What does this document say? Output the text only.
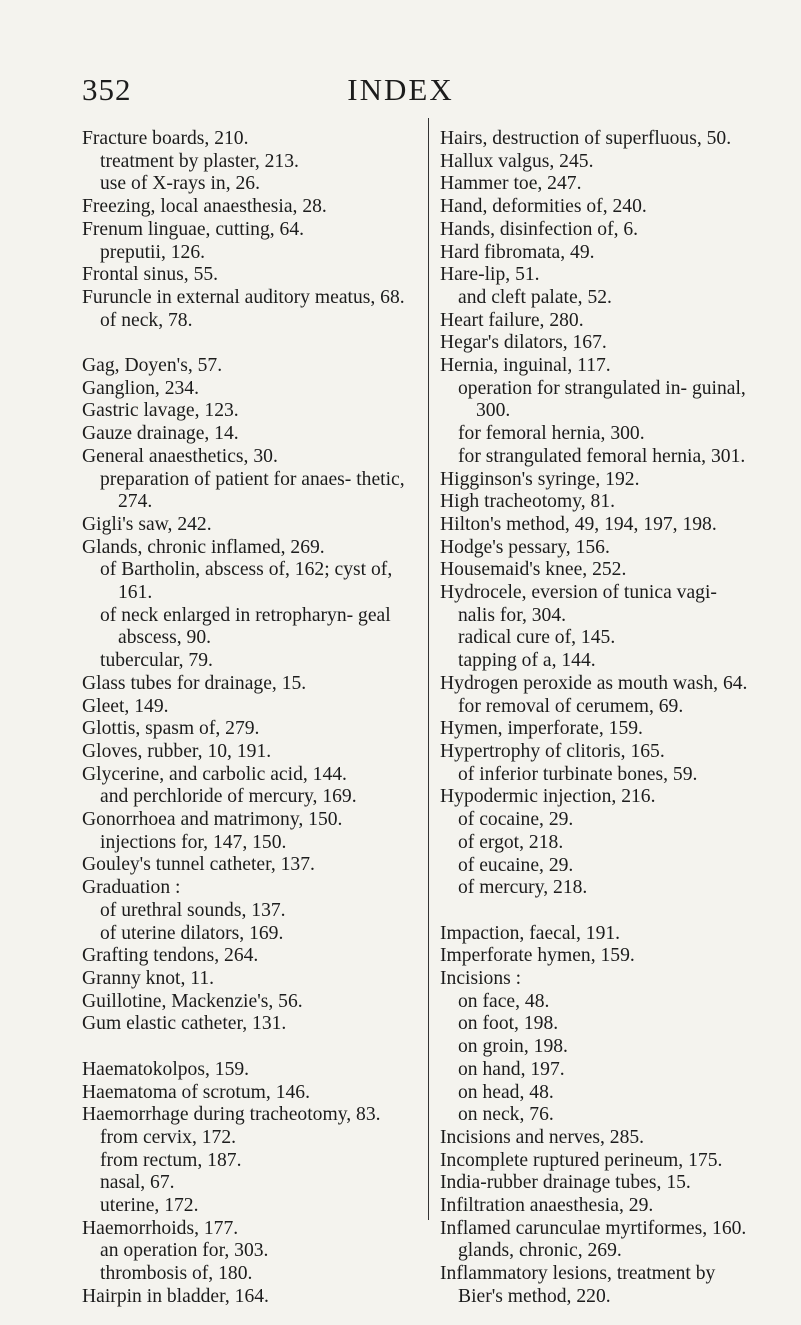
352	INDEX
Fracture boards, 210.
treatment by plaster, 213.
use of X-rays in, 26.
Freezing, local anaesthesia, 28.
Frenum linguae, cutting, 64.
preputii, 126.
Frontal sinus, 55.
Furuncle in external auditory meatus, 68.
of neck, 78.
Gag, Doyen's, 57.
Ganglion, 234.
Gastric lavage, 123.
Gauze drainage, 14.
General anaesthetics, 30.
preparation of patient for anaes- thetic, 274.
Gigli's saw, 242.
Glands, chronic inflamed, 269.
of Bartholin, abscess of, 162; cyst of, 161.
of neck enlarged in retropharyn- geal abscess, 90.
tubercular, 79.
Glass tubes for drainage, 15.
Gleet, 149.
Glottis, spasm of, 279.
Gloves, rubber, 10, 191.
Glycerine, and carbolic acid, 144.
and perchloride of mercury, 169.
Gonorrhoea and matrimony, 150.
injections for, 147, 150.
Gouley's tunnel catheter, 137.
Graduation :
of urethral sounds, 137.
of uterine dilators, 169.
Grafting tendons, 264.
Granny knot, 11.
Guillotine, Mackenzie's, 56.
Gum elastic catheter, 131.
Haematokolpos, 159.
Haematoma of scrotum, 146.
Haemorrhage during tracheotomy, 83.
from cervix, 172.
from rectum, 187.
nasal, 67.
uterine, 172.
Haemorrhoids, 177.
an operation for, 303.
thrombosis of, 180.
Hairpin in bladder, 164.
Hairs, destruction of superfluous, 50.
Hallux valgus, 245.
Hammer toe, 247.
Hand, deformities of, 240.
Hands, disinfection of, 6.
Hard fibromata, 49.
Hare-lip, 51.
and cleft palate, 52.
Heart failure, 280.
Hegar's dilators, 167.
Hernia, inguinal, 117.
operation for strangulated in- guinal, 300.
for femoral hernia, 300.
for strangulated femoral hernia, 301.
Higginson's syringe, 192.
High tracheotomy, 81.
Hilton's method, 49, 194, 197, 198.
Hodge's pessary, 156.
Housemaid's knee, 252.
Hydrocele, eversion of tunica vagi- nalis for, 304.
radical cure of, 145.
tapping of a, 144.
Hydrogen peroxide as mouth wash, 64.
for removal of cerumem, 69.
Hymen, imperforate, 159.
Hypertrophy of clitoris, 165.
of inferior turbinate bones, 59.
Hypodermic injection, 216.
of cocaine, 29.
of ergot, 218.
of eucaine, 29.
of mercury, 218.
Impaction, faecal, 191.
Imperforate hymen, 159.
Incisions :
on face, 48.
on foot, 198.
on groin, 198.
on hand, 197.
on head, 48.
on neck, 76.
Incisions and nerves, 285.
Incomplete ruptured perineum, 175.
India-rubber drainage tubes, 15.
Infiltration anaesthesia, 29.
Inflamed carunculae myrtiformes, 160.
glands, chronic, 269.
Inflammatory lesions, treatment by Bier's method, 220.
